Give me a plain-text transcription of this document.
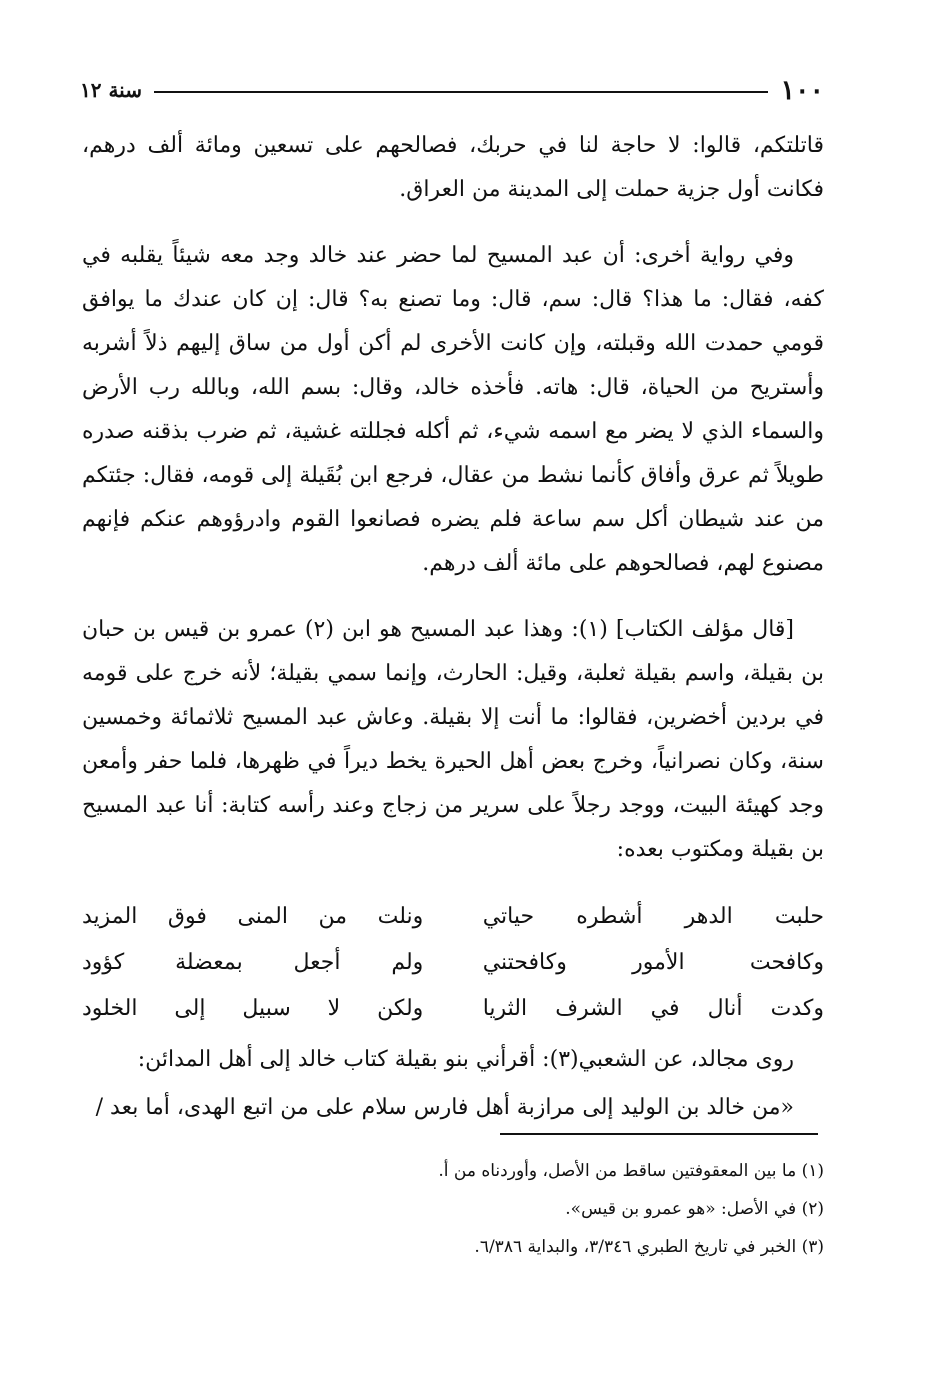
١٠٠
سنة ١٢

قاتلتكم، قالوا: لا حاجة لنا في حربك، فصالحهم على تسعين ومائة ألف درهم، فكانت أول جزية حملت إلى المدينة من العراق.

وفي رواية أخرى: أن عبد المسيح لما حضر عند خالد وجد معه شيئاً يقلبه في كفه، فقال: ما هذا؟ قال: سم، قال: وما تصنع به؟ قال: إن كان عندك ما يوافق قومي حمدت الله وقبلته، وإن كانت الأخرى لم أكن أول من ساق إليهم ذلاً أشربه وأستريح من الحياة، قال: هاته. فأخذه خالد، وقال: بسم الله، وبالله رب الأرض والسماء الذي لا يضر مع اسمه شيء، ثم أكله فجللته غشية، ثم ضرب بذقنه صدره طويلاً ثم عرق وأفاق كأنما نشط من عقال، فرجع ابن بُقَيلة إلى قومه، فقال: جئتكم من عند شيطان أكل سم ساعة فلم يضره فصانعوا القوم وادرؤوهم عنكم فإنهم مصنوع لهم، فصالحوهم على مائة ألف درهم.

[قال مؤلف الكتاب] (١): وهذا عبد المسيح هو ابن (٢) عمرو بن قيس بن حبان بن بقيلة، واسم بقيلة ثعلبة، وقيل: الحارث، وإنما سمي بقيلة؛ لأنه خرج على قومه في بردين أخضرين، فقالوا: ما أنت إلا بقيلة. وعاش عبد المسيح ثلاثمائة وخمسين سنة، وكان نصرانياً، وخرج بعض أهل الحيرة يخط ديراً في ظهرها، فلما حفر وأمعن وجد كهيئة البيت، ووجد رجلاً على سرير من زجاج وعند رأسه كتابة: أنا عبد المسيح بن بقيلة ومكتوب بعده:

حلبت الدهر أشطره حياتي
ونلت من المنى فوق المزيد
وكافحت الأمور وكافحتني
ولم أجعل بمعضلة كؤود
وكدت أنال في الشرف الثريا
ولكن لا سبيل إلى الخلود

روى مجالد، عن الشعبي(٣): أقرأني بنو بقيلة كتاب خالد إلى أهل المدائن:

«من خالد بن الوليد إلى مرازبة أهل فارس سلام على من اتبع الهدى، أما بعد /

(١) ما بين المعقوفتين ساقط من الأصل، وأوردناه من أ.
(٢) في الأصل: «هو عمرو بن قيس».
(٣) الخبر في تاريخ الطبري ٣/٣٤٦، والبداية ٦/٣٨٦.
